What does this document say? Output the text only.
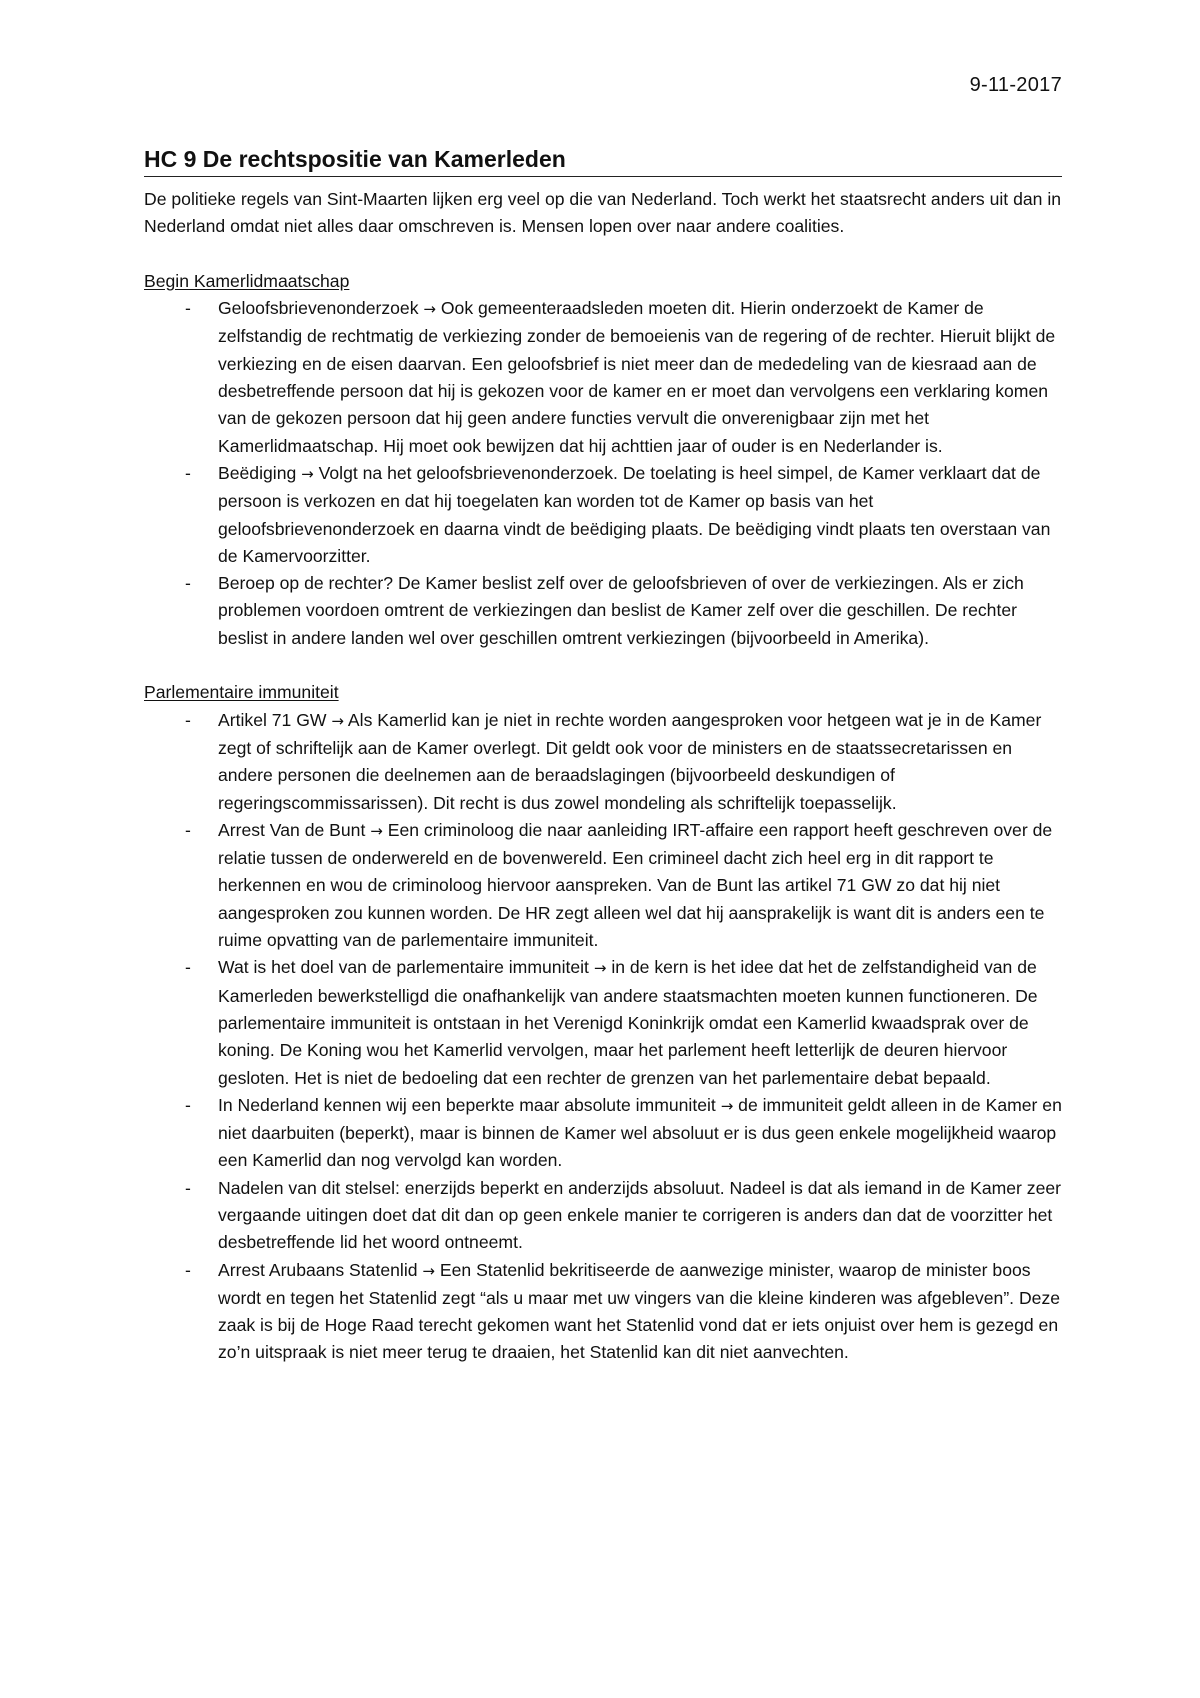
9-11-2017
HC 9 De rechtspositie van Kamerleden

De politieke regels van Sint-Maarten lijken erg veel op die van Nederland. Toch werkt het staatsrecht anders uit dan in Nederland omdat niet alles daar omschreven is. Mensen lopen over naar andere coalities.

Begin Kamerlidmaatschap

- Geloofsbrievenonderzoek → Ook gemeenteraadsleden moeten dit. Hierin onderzoekt de Kamer de zelfstandig de rechtmatig de verkiezing zonder de bemoeienis van de regering of de rechter. Hieruit blijkt de verkiezing en de eisen daarvan. Een geloofsbrief is niet meer dan de mededeling van de kiesraad aan de desbetreffende persoon dat hij is gekozen voor de kamer en er moet dan vervolgens een verklaring komen van de gekozen persoon dat hij geen andere functies vervult die onverenigbaar zijn met het Kamerlidmaatschap. Hij moet ook bewijzen dat hij achttien jaar of ouder is en Nederlander is.
- Beëdiging → Volgt na het geloofsbrievenonderzoek. De toelating is heel simpel, de Kamer verklaart dat de persoon is verkozen en dat hij toegelaten kan worden tot de Kamer op basis van het geloofsbrievenonderzoek en daarna vindt de beëdiging plaats. De beëdiging vindt plaats ten overstaan van de Kamervoorzitter.
- Beroep op de rechter? De Kamer beslist zelf over de geloofsbrieven of over de verkiezingen. Als er zich problemen voordoen omtrent de verkiezingen dan beslist de Kamer zelf over die geschillen. De rechter beslist in andere landen wel over geschillen omtrent verkiezingen (bijvoorbeeld in Amerika).

Parlementaire immuniteit

- Artikel 71 GW → Als Kamerlid kan je niet in rechte worden aangesproken voor hetgeen wat je in de Kamer zegt of schriftelijk aan de Kamer overlegt. Dit geldt ook voor de ministers en de staatssecretarissen en andere personen die deelnemen aan de beraadslagingen (bijvoorbeeld deskundigen of regeringscommissarissen). Dit recht is dus zowel mondeling als schriftelijk toepasselijk.
- Arrest Van de Bunt → Een criminoloog die naar aanleiding IRT-affaire een rapport heeft geschreven over de relatie tussen de onderwereld en de bovenwereld. Een crimineel dacht zich heel erg in dit rapport te herkennen en wou de criminoloog hiervoor aanspreken. Van de Bunt las artikel 71 GW zo dat hij niet aangesproken zou kunnen worden. De HR zegt alleen wel dat hij aansprakelijk is want dit is anders een te ruime opvatting van de parlementaire immuniteit.
- Wat is het doel van de parlementaire immuniteit → in de kern is het idee dat het de zelfstandigheid van de Kamerleden bewerkstelligd die onafhankelijk van andere staatsmachten moeten kunnen functioneren. De parlementaire immuniteit is ontstaan in het Verenigd Koninkrijk omdat een Kamerlid kwaadsprak over de koning. De Koning wou het Kamerlid vervolgen, maar het parlement heeft letterlijk de deuren hiervoor gesloten. Het is niet de bedoeling dat een rechter de grenzen van het parlementaire debat bepaald.
- In Nederland kennen wij een beperkte maar absolute immuniteit → de immuniteit geldt alleen in de Kamer en niet daarbuiten (beperkt), maar is binnen de Kamer wel absoluut er is dus geen enkele mogelijkheid waarop een Kamerlid dan nog vervolgd kan worden.
- Nadelen van dit stelsel: enerzijds beperkt en anderzijds absoluut. Nadeel is dat als iemand in de Kamer zeer vergaande uitingen doet dat dit dan op geen enkele manier te corrigeren is anders dan dat de voorzitter het desbetreffende lid het woord ontneemt.
- Arrest Arubaans Statenlid → Een Statenlid bekritiseerde de aanwezige minister, waarop de minister boos wordt en tegen het Statenlid zegt “als u maar met uw vingers van die kleine kinderen was afgebleven”. Deze zaak is bij de Hoge Raad terecht gekomen want het Statenlid vond dat er iets onjuist over hem is gezegd en zo’n uitspraak is niet meer terug te draaien, het Statenlid kan dit niet aanvechten.
